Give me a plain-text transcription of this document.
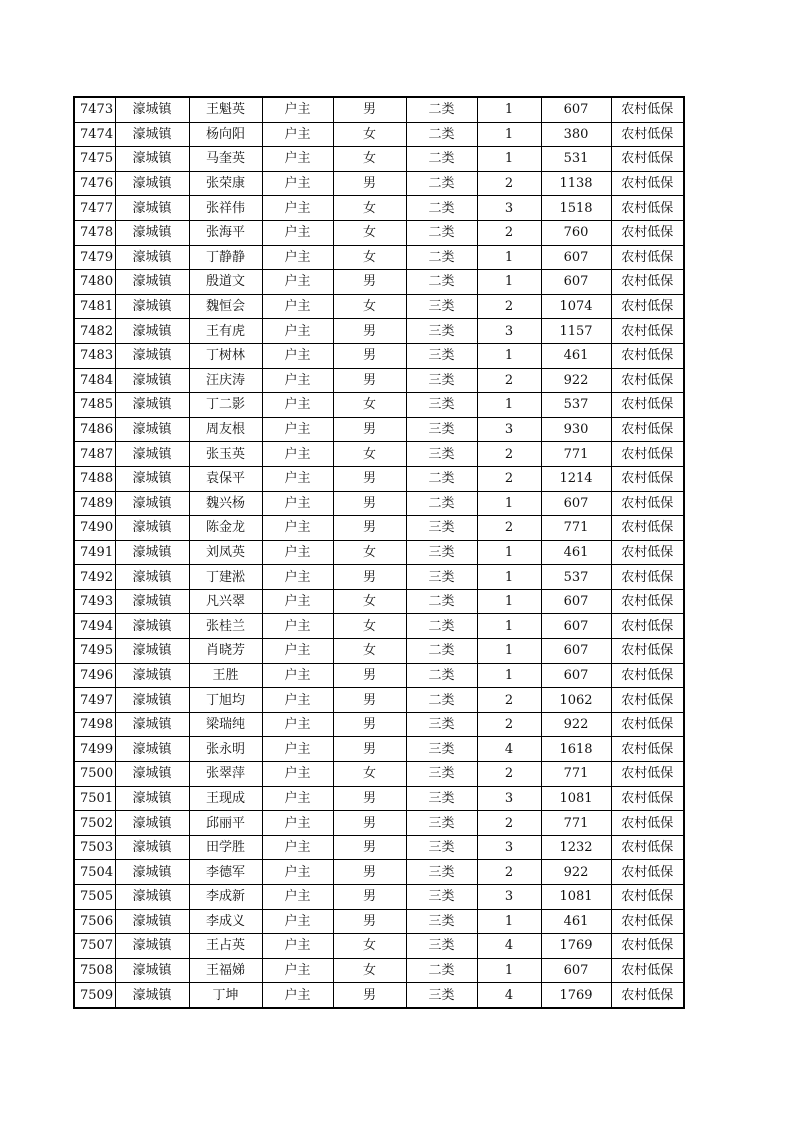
7473	濠城镇	王魁英	户主	男	二类	1	607	农村低保
7474	濠城镇	杨向阳	户主	女	二类	1	380	农村低保
7475	濠城镇	马奎英	户主	女	二类	1	531	农村低保
7476	濠城镇	张荣康	户主	男	二类	2	1138	农村低保
7477	濠城镇	张祥伟	户主	女	二类	3	1518	农村低保
7478	濠城镇	张海平	户主	女	二类	2	760	农村低保
7479	濠城镇	丁静静	户主	女	二类	1	607	农村低保
7480	濠城镇	殷道文	户主	男	二类	1	607	农村低保
7481	濠城镇	魏恒会	户主	女	三类	2	1074	农村低保
7482	濠城镇	王有虎	户主	男	三类	3	1157	农村低保
7483	濠城镇	丁树林	户主	男	三类	1	461	农村低保
7484	濠城镇	汪庆涛	户主	男	三类	2	922	农村低保
7485	濠城镇	丁二影	户主	女	三类	1	537	农村低保
7486	濠城镇	周友根	户主	男	三类	3	930	农村低保
7487	濠城镇	张玉英	户主	女	三类	2	771	农村低保
7488	濠城镇	袁保平	户主	男	二类	2	1214	农村低保
7489	濠城镇	魏兴杨	户主	男	二类	1	607	农村低保
7490	濠城镇	陈金龙	户主	男	三类	2	771	农村低保
7491	濠城镇	刘凤英	户主	女	三类	1	461	农村低保
7492	濠城镇	丁建淞	户主	男	三类	1	537	农村低保
7493	濠城镇	凡兴翠	户主	女	二类	1	607	农村低保
7494	濠城镇	张桂兰	户主	女	二类	1	607	农村低保
7495	濠城镇	肖晓芳	户主	女	二类	1	607	农村低保
7496	濠城镇	王胜	户主	男	二类	1	607	农村低保
7497	濠城镇	丁旭均	户主	男	二类	2	1062	农村低保
7498	濠城镇	梁瑞纯	户主	男	三类	2	922	农村低保
7499	濠城镇	张永明	户主	男	三类	4	1618	农村低保
7500	濠城镇	张翠萍	户主	女	三类	2	771	农村低保
7501	濠城镇	王现成	户主	男	三类	3	1081	农村低保
7502	濠城镇	邱丽平	户主	男	三类	2	771	农村低保
7503	濠城镇	田学胜	户主	男	三类	3	1232	农村低保
7504	濠城镇	李德军	户主	男	三类	2	922	农村低保
7505	濠城镇	李成新	户主	男	三类	3	1081	农村低保
7506	濠城镇	李成义	户主	男	三类	1	461	农村低保
7507	濠城镇	王占英	户主	女	三类	4	1769	农村低保
7508	濠城镇	王福娣	户主	女	二类	1	607	农村低保
7509	濠城镇	丁坤	户主	男	三类	4	1769	农村低保
